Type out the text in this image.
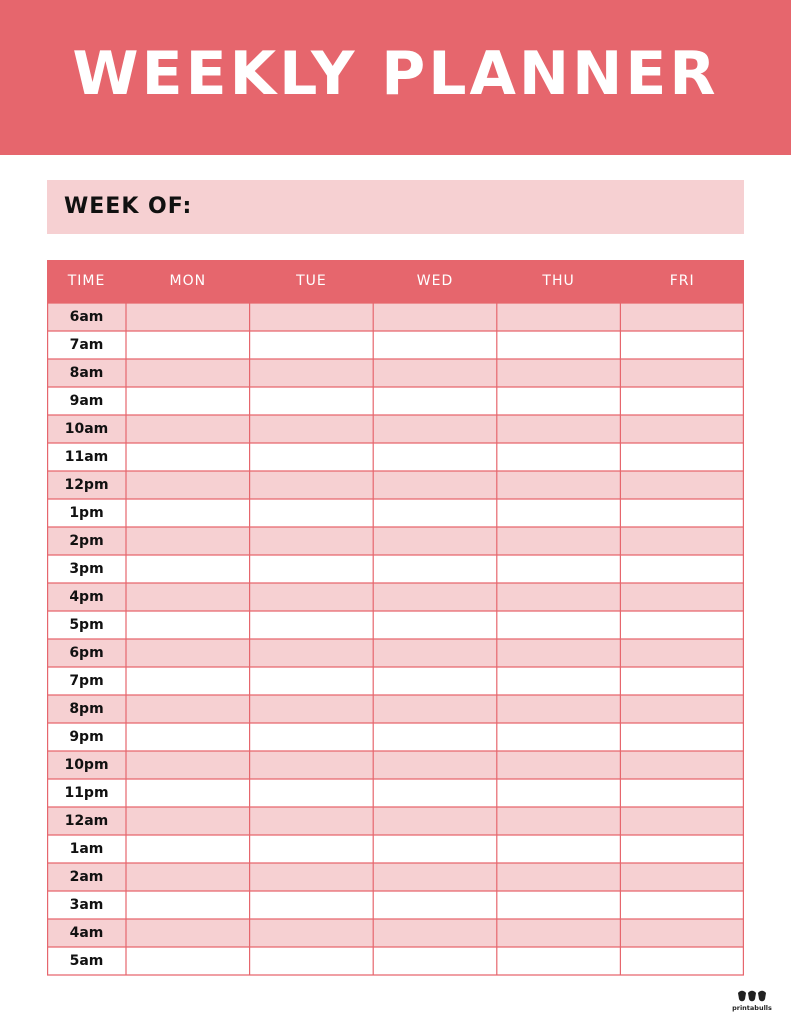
WEEKLY PLANNER
WEEK OF:
TIME	MON	TUE	WED	THU	FRI
6am
7am
8am
9am
10am
11am
12pm
1pm
2pm
3pm
4pm
5pm
6pm
7pm
8pm
9pm
10pm
11pm
12am
1am
2am
3am
4am
5am
printabulls
